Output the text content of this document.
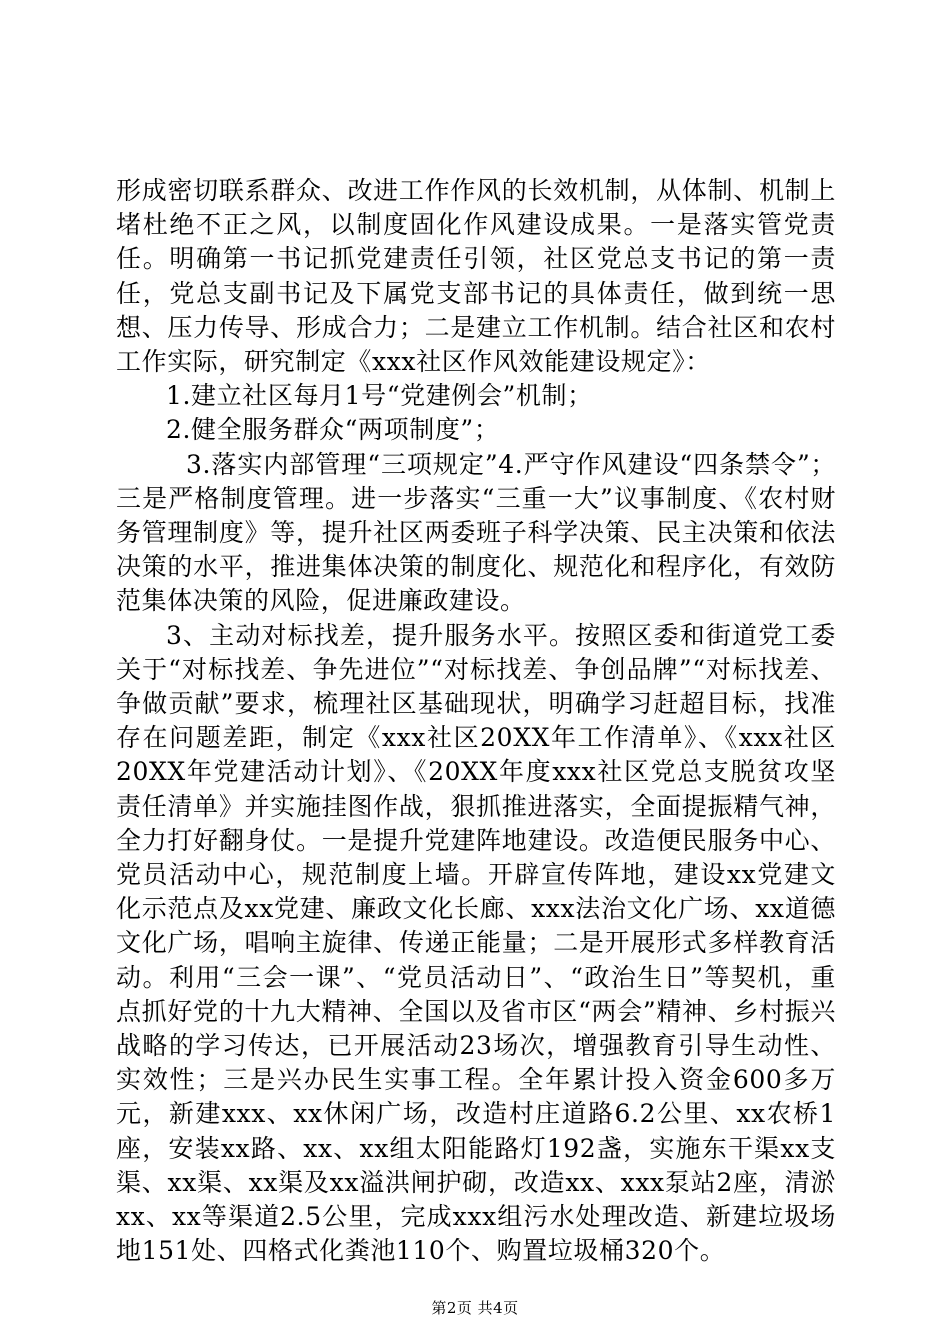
形成密切联系群众、改进工作作风的长效机制，从体制、机制上堵杜绝不正之风，以制度固化作风建设成果。一是落实管党责任。明确第一书记抓党建责任引领，社区党总支书记的第一责任，党总支副书记及下属党支部书记的具体责任，做到统一思想、压力传导、形成合力；二是建立工作机制。结合社区和农村工作实际，研究制定《xxx社区作风效能建设规定》：

1.建立社区每月1号“党建例会”机制；

2.健全服务群众“两项制度”；

3.落实内部管理“三项规定”4.严守作风建设“四条禁令”；三是严格制度管理。进一步落实“三重一大”议事制度、《农村财务管理制度》等，提升社区两委班子科学决策、民主决策和依法决策的水平，推进集体决策的制度化、规范化和程序化，有效防范集体决策的风险，促进廉政建设。

3、主动对标找差，提升服务水平。按照区委和街道党工委关于“对标找差、争先进位”“对标找差、争创品牌”“对标找差、争做贡献”要求，梳理社区基础现状，明确学习赶超目标，找准存在问题差距，制定《xxx社区20XX年工作清单》、《xxx社区20XX年党建活动计划》、《20XX年度xxx社区党总支脱贫攻坚责任清单》并实施挂图作战，狠抓推进落实，全面提振精气神，全力打好翻身仗。一是提升党建阵地建设。改造便民服务中心、党员活动中心，规范制度上墙。开辟宣传阵地，建设xx党建文化示范点及xx党建、廉政文化长廊、xxx法治文化广场、xx道德文化广场，唱响主旋律、传递正能量；二是开展形式多样教育活动。利用“三会一课”、“党员活动日”、“政治生日”等契机，重点抓好党的十九大精神、全国以及省市区“两会”精神、乡村振兴战略的学习传达，已开展活动23场次，增强教育引导生动性、实效性；三是兴办民生实事工程。全年累计投入资金600多万元，新建xxx、xx休闲广场，改造村庄道路6.2公里、xx农桥1座，安装xx路、xx、xx组太阳能路灯192盏，实施东干渠xx支渠、xx渠、xx渠及xx溢洪闸护砌，改造xx、xxx泵站2座，清淤xx、xx等渠道2.5公里，完成xxx组污水处理改造、新建垃圾场地151处、四格式化粪池110个、购置垃圾桶320个。

第2页 共4页
